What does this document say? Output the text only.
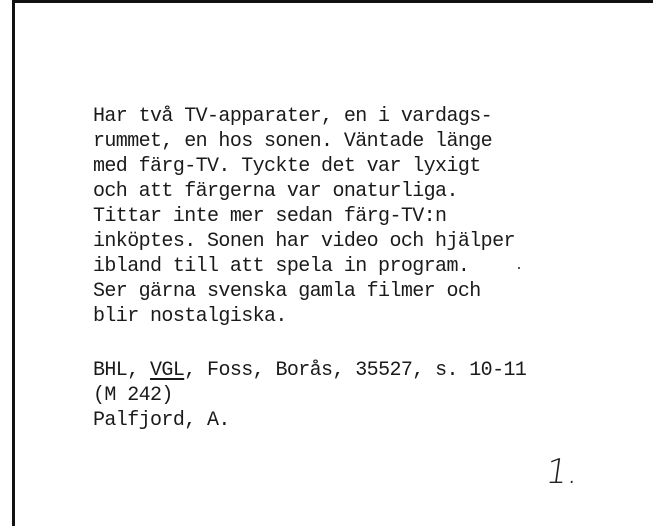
Har två TV-apparater, en i vardags-
rummet, en hos sonen. Väntade länge
med färg-TV. Tyckte det var lyxigt
och att färgerna var onaturliga.
Tittar inte mer sedan färg-TV:n
inköptes. Sonen har video och hjälper
ibland till att spela in program.
Ser gärna svenska gamla filmer och
blir nostalgiska.
BHL, VGL, Foss, Borås, 35527, s. 10-11
(M 242)
Palfjord, A.
1.
